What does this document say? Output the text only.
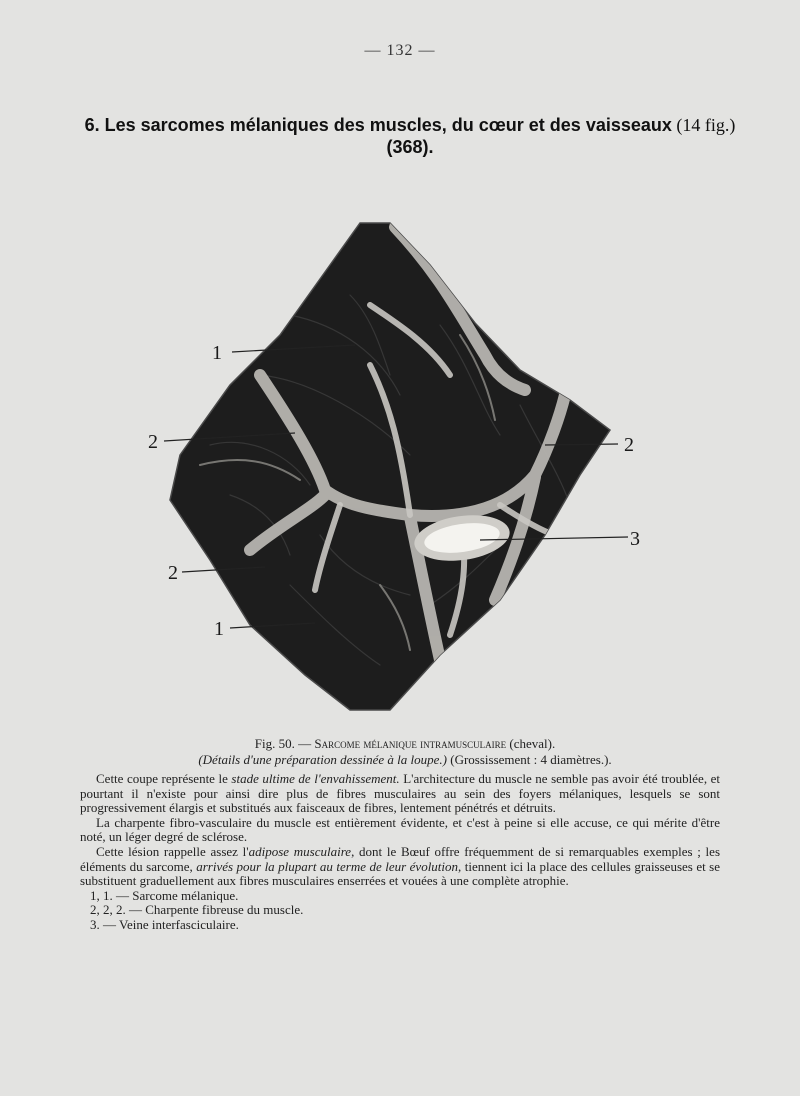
— 132 —
6. Les sarcomes mélaniques des muscles, du cœur et des vaisseaux (14 fig.) (368).
1
2	2
3
2
1
Fig. 50. — Sarcome mélanique intramusculaire (cheval).
(Détails d'une préparation dessinée à la loupe.) (Grossissement : 4 diamètres.).

Cette coupe représente le stade ultime de l'envahissement. L'architecture du muscle ne semble pas avoir été troublée, et pourtant il n'existe pour ainsi dire plus de fibres musculaires au sein des foyers mélaniques, lesquels se sont progressivement élargis et substitués aux faisceaux de fibres, lentement pénétrés et détruits.

La charpente fibro-vasculaire du muscle est entièrement évidente, et c'est à peine si elle accuse, ce qui mérite d'être noté, un léger degré de sclérose.

Cette lésion rappelle assez l'adipose musculaire, dont le Bœuf offre fréquemment de si remarquables exemples ; les éléments du sarcome, arrivés pour la plupart au terme de leur évolution, tiennent ici la place des cellules graisseuses et se substituent graduellement aux fibres musculaires enserrées et vouées à une complète atrophie.

1, 1. — Sarcome mélanique.

2, 2, 2. — Charpente fibreuse du muscle.

3. — Veine interfasciculaire.
